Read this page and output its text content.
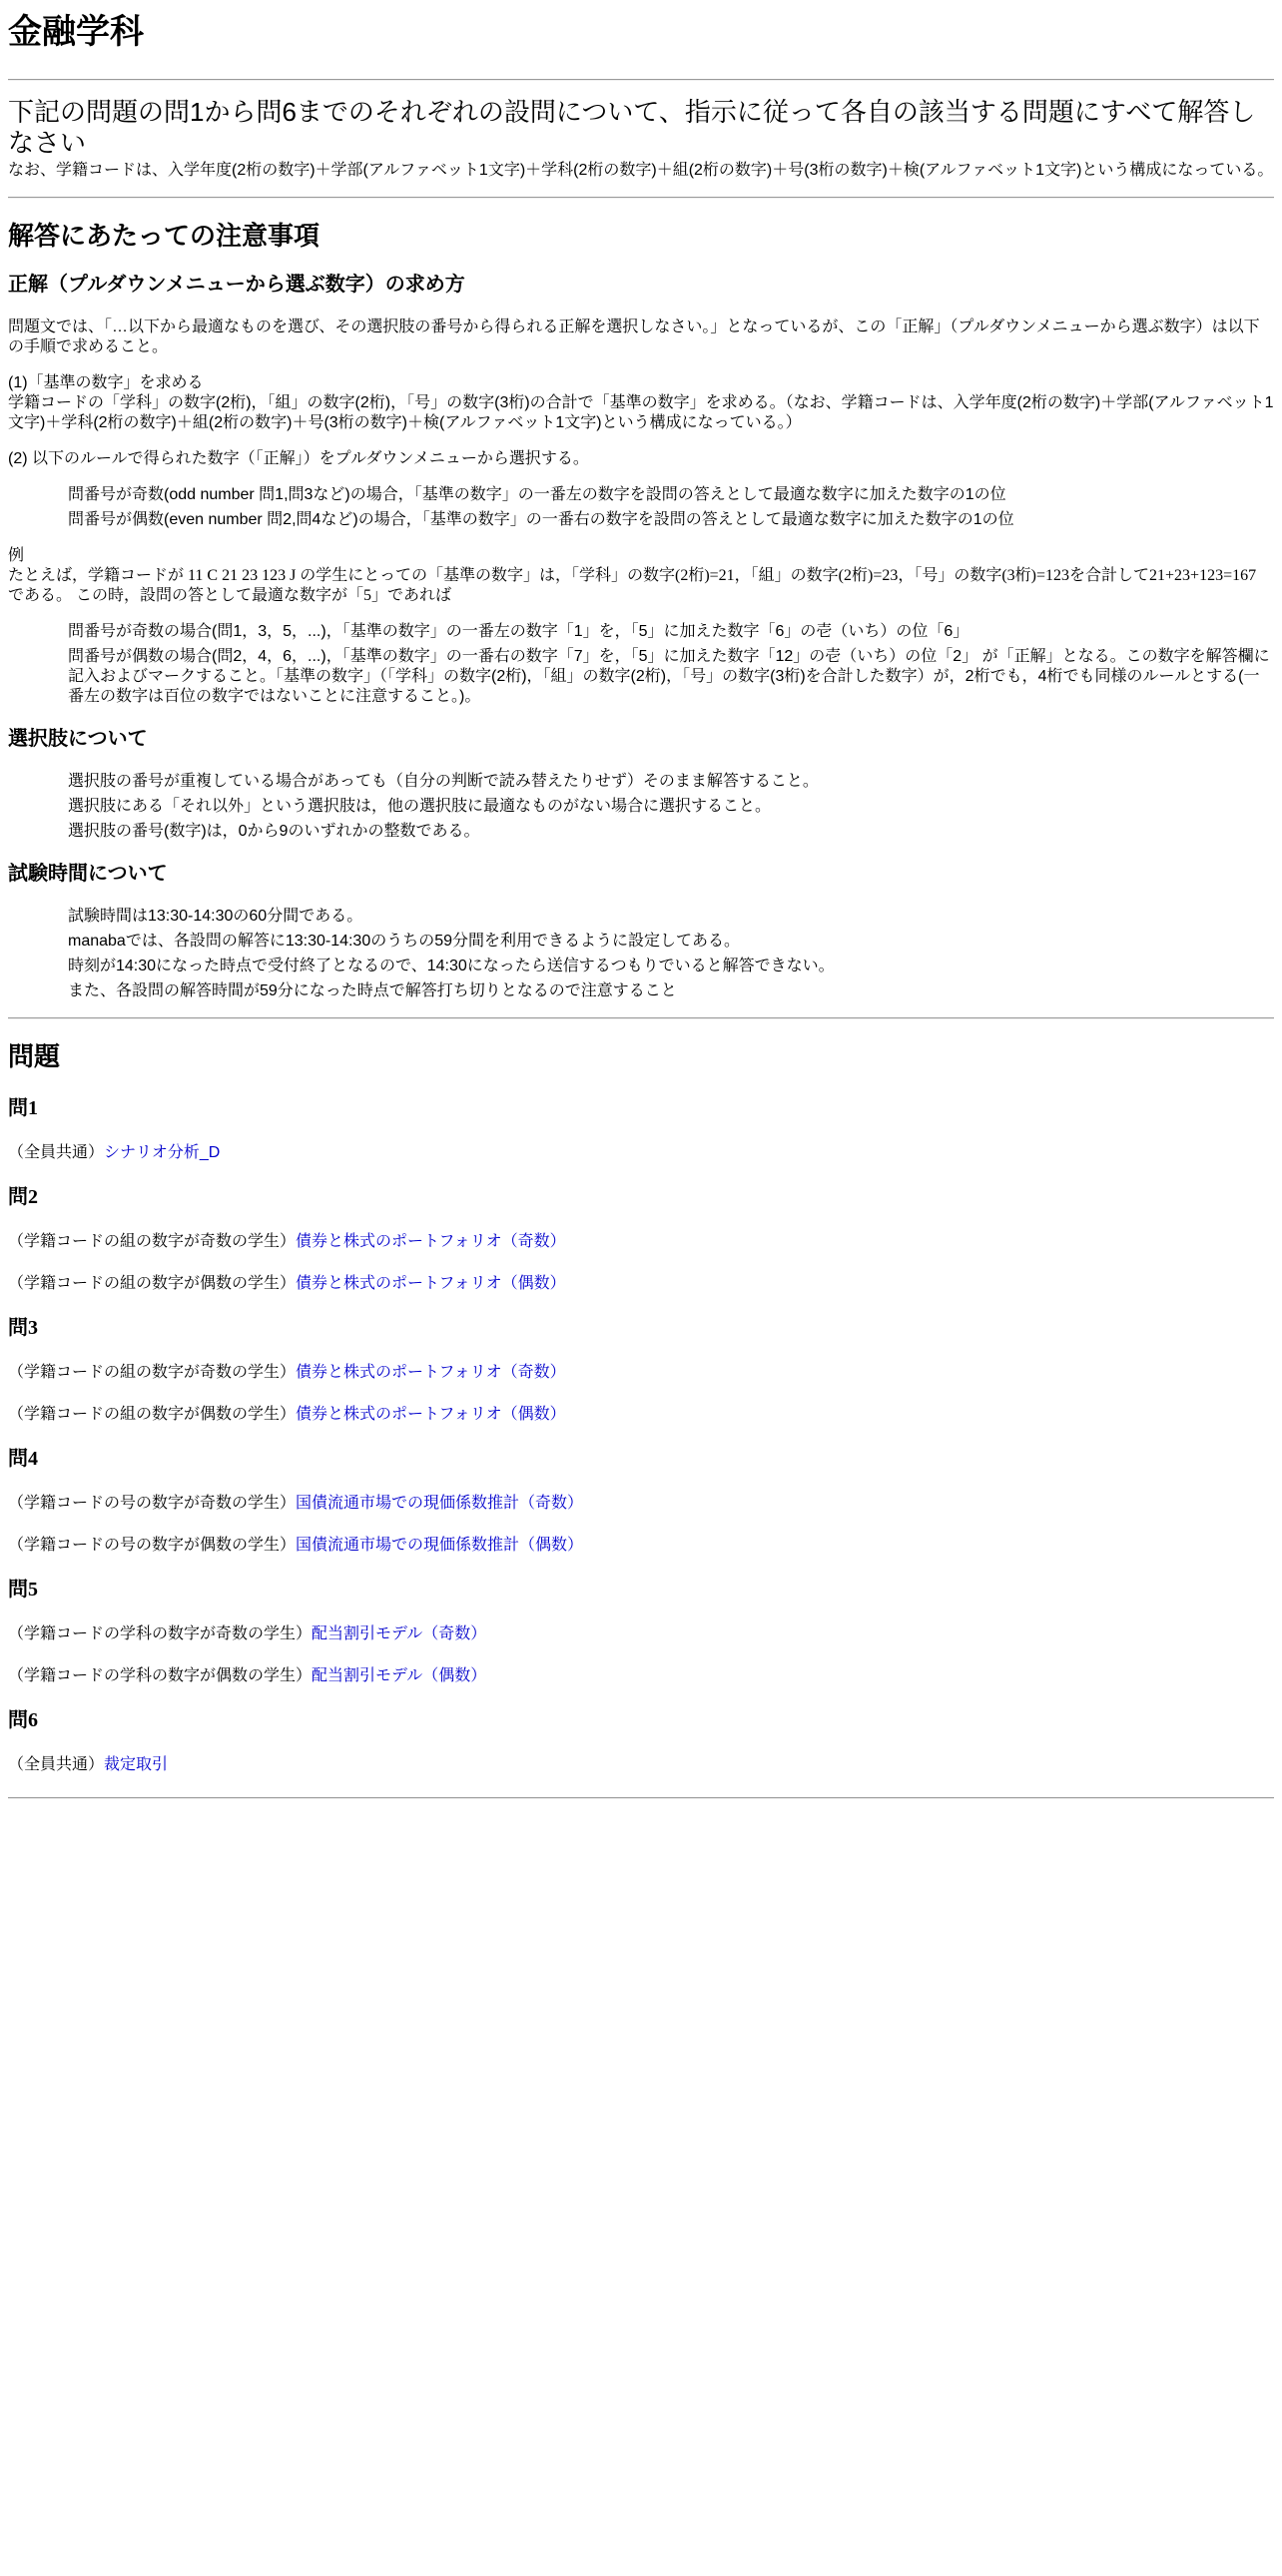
金融学科
下記の問題の問1から問6までのそれぞれの設問について、指示に従って各自の該当する問題にすべて解答しなさい
なお、学籍コードは、入学年度(2桁の数字)＋学部(アルファベット1文字)＋学科(2桁の数字)＋組(2桁の数字)＋号(3桁の数字)＋検(アルファベット1文字)という構成になっている。
解答にあたっての注意事項
正解（プルダウンメニューから選ぶ数字）の求め方

問題文では、「…以下から最適なものを選び、その選択肢の番号から得られる正解を選択しなさい。」となっているが、この「正解」（プルダウンメニューから選ぶ数字）は以下の手順で求めること。

(1)「基準の数字」を求める
学籍コードの「学科」の数字(2桁)，「組」の数字(2桁)，「号」の数字(3桁)の合計で「基準の数字」を求める。（なお、学籍コードは、入学年度(2桁の数字)＋学部(アルファベット1文字)＋学科(2桁の数字)＋組(2桁の数字)＋号(3桁の数字)＋検(アルファベット1文字)という構成になっている。）

(2) 以下のルールで得られた数字（「正解」）をプルダウンメニューから選択する。

問番号が奇数(odd number 問1,問3など)の場合，「基準の数字」の一番左の数字を設問の答えとして最適な数字に加えた数字の1の位
問番号が偶数(even number 問2,問4など)の場合，「基準の数字」の一番右の数字を設問の答えとして最適な数字に加えた数字の1の位
例
たとえば，学籍コードが 11 C 21 23 123 J の学生にとっての「基準の数字」は，「学科」の数字(2桁)=21，「組」の数字(2桁)=23，「号」の数字(3桁)=123を合計して21+23+123=167 である。 この時，設問の答として最適な数字が「5」であれば
問番号が奇数の場合(問1，3，5，...)，「基準の数字」の一番左の数字「1」を，「5」に加えた数字「6」の壱（いち）の位「6」
問番号が偶数の場合(問2，4，6，...)，「基準の数字」の一番右の数字「7」を，「5」に加えた数字「12」の壱（いち）の位「2」 が「正解」となる。この数字を解答欄に記入およびマークすること。「基準の数字」（「学科」の数字(2桁)，「組」の数字(2桁)，「号」の数字(3桁)を合計した数字）が，2桁でも，4桁でも同様のルールとする(一番左の数字は百位の数字ではないことに注意すること。)。
選択肢について
選択肢の番号が重複している場合があっても（自分の判断で読み替えたりせず）そのまま解答すること。
選択肢にある「それ以外」という選択肢は，他の選択肢に最適なものがない場合に選択すること。
選択肢の番号(数字)は，0から9のいずれかの整数である。
試験時間について
試験時間は13:30-14:30の60分間である。
manabaでは、各設問の解答に13:30-14:30のうちの59分間を利用できるように設定してある。
時刻が14:30になった時点で受付終了となるので、14:30になったら送信するつもりでいると解答できない。
また、各設問の解答時間が59分になった時点で解答打ち切りとなるので注意すること
問題
問1

（全員共通）シナリオ分析_D

問2

（学籍コードの組の数字が奇数の学生）債券と株式のポートフォリオ（奇数）

（学籍コードの組の数字が偶数の学生）債券と株式のポートフォリオ（偶数）

問3

（学籍コードの組の数字が奇数の学生）債券と株式のポートフォリオ（奇数）

（学籍コードの組の数字が偶数の学生）債券と株式のポートフォリオ（偶数）

問4

（学籍コードの号の数字が奇数の学生）国債流通市場での現価係数推計（奇数）

（学籍コードの号の数字が偶数の学生）国債流通市場での現価係数推計（偶数）

問5

（学籍コードの学科の数字が奇数の学生）配当割引モデル（奇数）

（学籍コードの学科の数字が偶数の学生）配当割引モデル（偶数）

問6

（全員共通）裁定取引
